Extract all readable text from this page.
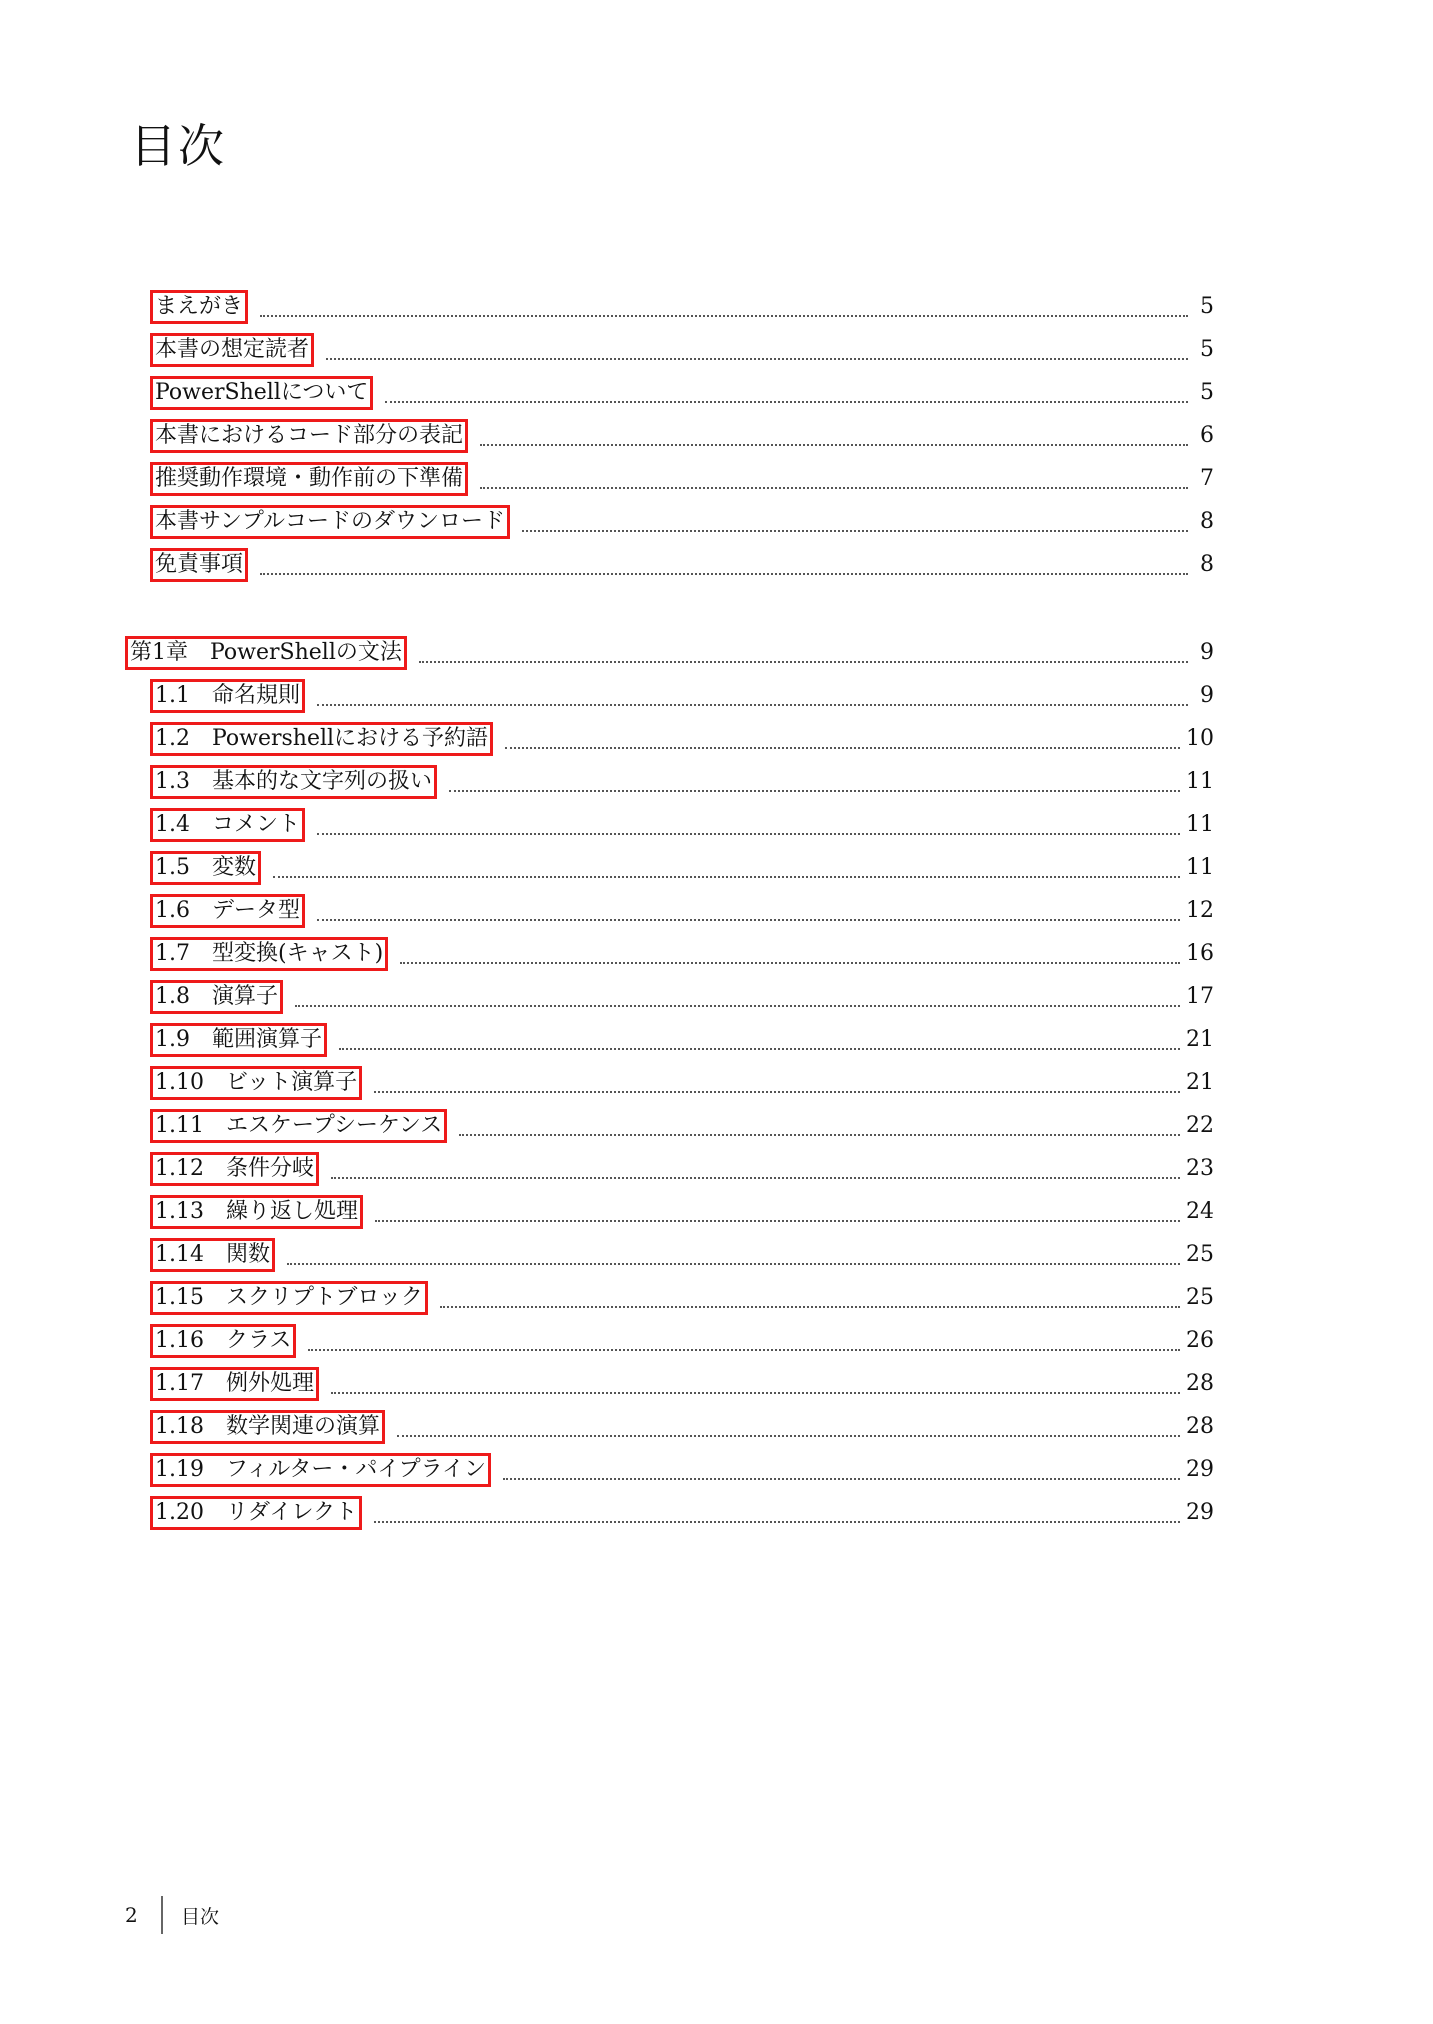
目次
まえがき	5
本書の想定読者	5
PowerShellについて	5
本書におけるコード部分の表記	6
推奨動作環境・動作前の下準備	7
本書サンプルコードのダウンロード	8
免責事項	8
第1章　PowerShellの文法	9
1.1　命名規則	9
1.2　Powershellにおける予約語	10
1.3　基本的な文字列の扱い	11
1.4　コメント	11
1.5　変数	11
1.6　データ型	12
1.7　型変換(キャスト)	16
1.8　演算子	17
1.9　範囲演算子	21
1.10　ビット演算子	21
1.11　エスケープシーケンス	22
1.12　条件分岐	23
1.13　繰り返し処理	24
1.14　関数	25
1.15　スクリプトブロック	25
1.16　クラス	26
1.17　例外処理	28
1.18　数学関連の演算	28
1.19　フィルター・パイプライン	29
1.20　リダイレクト	29
2	目次
